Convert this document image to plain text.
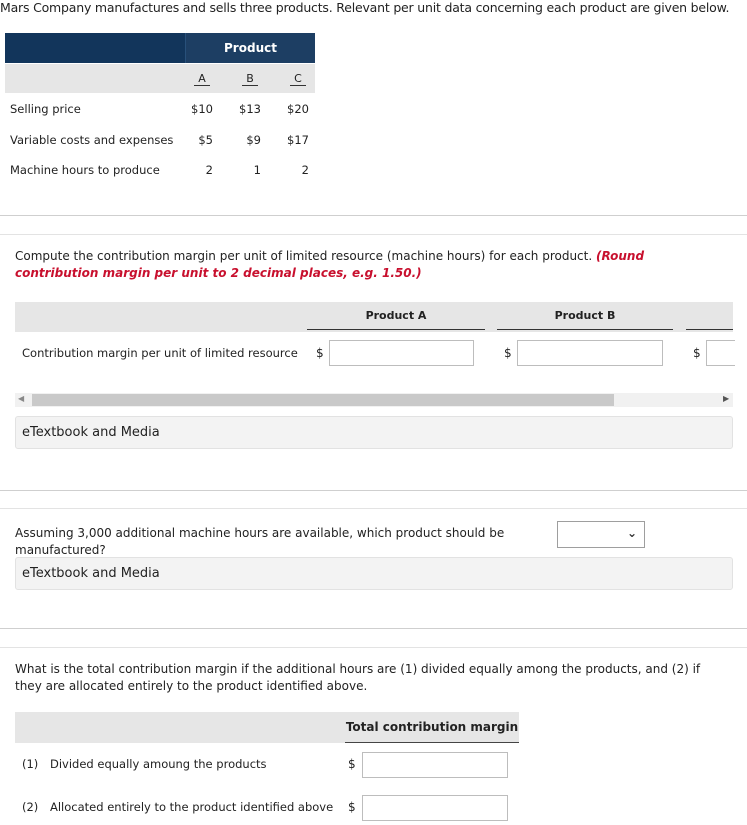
Mars Company manufactures and sells three products. Relevant per unit data concerning each product are given below.
Product
A	B	C
Selling price	$10	$13	$20
Variable costs and expenses	$5	$9	$17
Machine hours to produce	2	1	2
Compute the contribution margin per unit of limited resource (machine hours) for each product. (Round contribution margin per unit to 2 decimal places, e.g. 1.50.)
Product A	Product B
Contribution margin per unit of limited resource $	$	$
◀	▶
eTextbook and Media
Assuming 3,000 additional machine hours are available, which product should be manufactured?
⌄
eTextbook and Media
What is the total contribution margin if the additional hours are (1) divided equally among the products, and (2) if they are allocated entirely to the product identified above.
Total contribution margin
(1) Divided equally amoung the products	$
(2) Allocated entirely to the product identified above $
